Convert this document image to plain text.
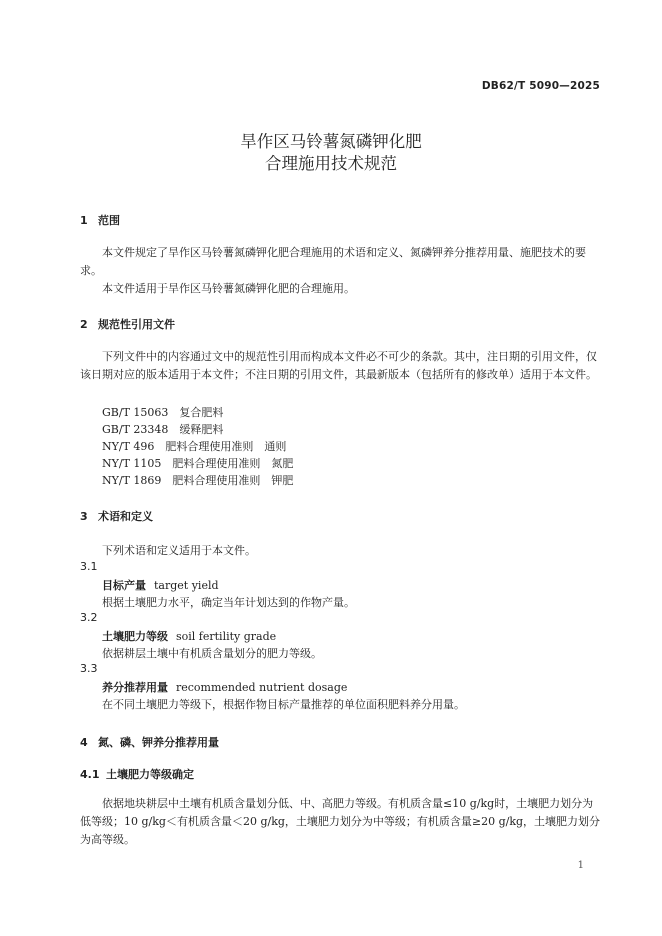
DB62/T 5090—2025
旱作区马铃薯氮磷钾化肥
合理施用技术规范
1 范围
本文件规定了旱作区马铃薯氮磷钾化肥合理施用的术语和定义、氮磷钾养分推荐用量、施肥技术的要求。
本文件适用于旱作区马铃薯氮磷钾化肥的合理施用。
2 规范性引用文件
下列文件中的内容通过文中的规范性引用而构成本文件必不可少的条款。其中，注日期的引用文件，仅该日期对应的版本适用于本文件；不注日期的引用文件，其最新版本（包括所有的修改单）适用于本文件。
GB/T 15063　复合肥料
GB/T 23348　缓释肥料
NY/T 496　肥料合理使用准则　通则
NY/T 1105　肥料合理使用准则　氮肥
NY/T 1869　肥料合理使用准则　钾肥
3 术语和定义
下列术语和定义适用于本文件。
3.1
目标产量 target yield
根据土壤肥力水平，确定当年计划达到的作物产量。
3.2
土壤肥力等级 soil fertility grade
依据耕层土壤中有机质含量划分的肥力等级。
3.3
养分推荐用量 recommended nutrient dosage
在不同土壤肥力等级下，根据作物目标产量推荐的单位面积肥料养分用量。
4 氮、磷、钾养分推荐用量
4.1 土壤肥力等级确定
依据地块耕层中土壤有机质含量划分低、中、高肥力等级。有机质含量≤10 g/kg时，土壤肥力划分为低等级；10 g/kg＜有机质含量＜20 g/kg，土壤肥力划分为中等级；有机质含量≥20 g/kg，土壤肥力划分为高等级。
1
